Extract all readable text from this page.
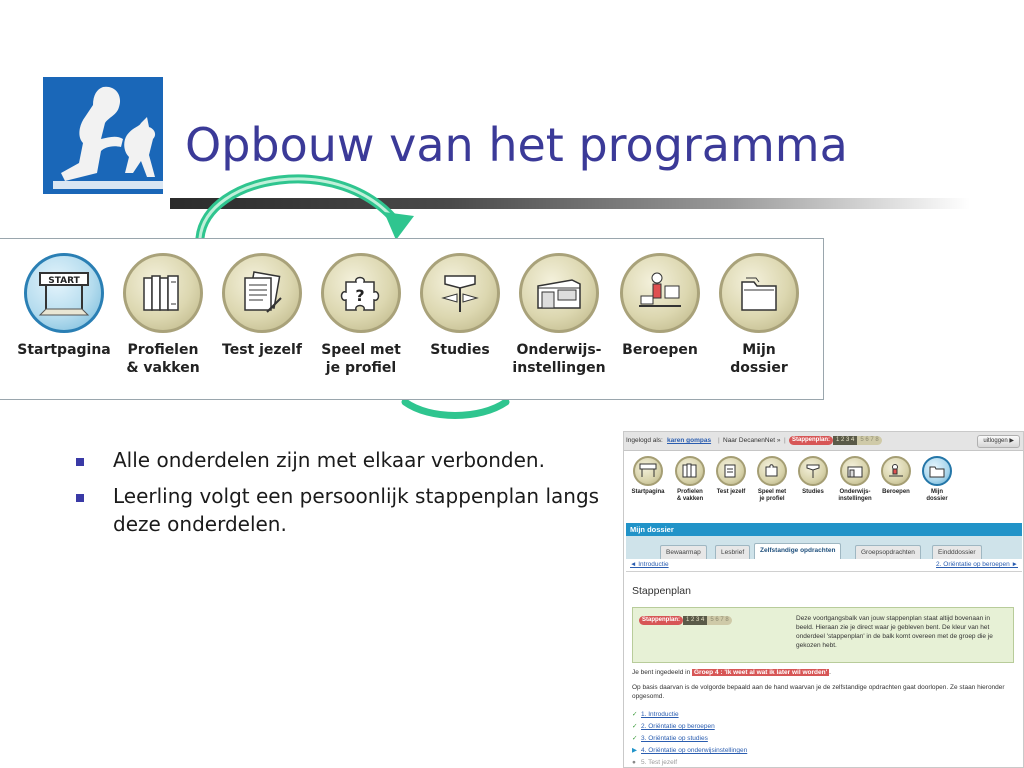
Opbouw van het programma
START
Startpagina	Profielen
& vakken
Test jezelf
?
Speel met
je profiel
Studies	Onderwijs-
instellingen
Beroepen	Mijn
dossier
Alle onderdelen zijn met elkaar verbonden.
Leerling volgt een persoonlijk stappenplan langs deze onderdelen.
Ingelogd als: karen gompas | Naar DecanenNet » |	Stappenplan: 1 2 3 4 5 6 7 8	uitloggen ▶
Startpagina	Profielen
& vakken
Test jezelf	Speel met
je profiel
Studies	Onderwijs-
instellingen
Beroepen	Mijn
dossier
Mijn dossier
Bewaarmap	Lesbrief	Zelfstandige opdrachten	Groepsopdrachten	Eindddossier
◄ Introductie	2. Oriëntatie op beroepen ►
Stappenplan
Stappenplan: 1 2 3 4 5 6 7 8	Deze voortgangsbalk van jouw stappenplan staat altijd bovenaan in beeld. Hieraan zie je direct waar je gebleven bent. De kleur van het onderdeel 'stappenplan' in de balk komt overeen met de groep die je gekozen hebt.
Je bent ingedeeld in Groep 4 : 'Ik weet al wat ik later wil worden' .
Op basis daarvan is de volgorde bepaald aan de hand waarvan je de zelfstandige opdrachten gaat doorlopen. Ze staan hieronder opgesomd.
✓ 1. Introductie
✓ 2. Oriëntatie op beroepen
✓ 3. Oriëntatie op studies
▶ 4. Oriëntatie op onderwijsinstellingen
● 5. Test jezelf
